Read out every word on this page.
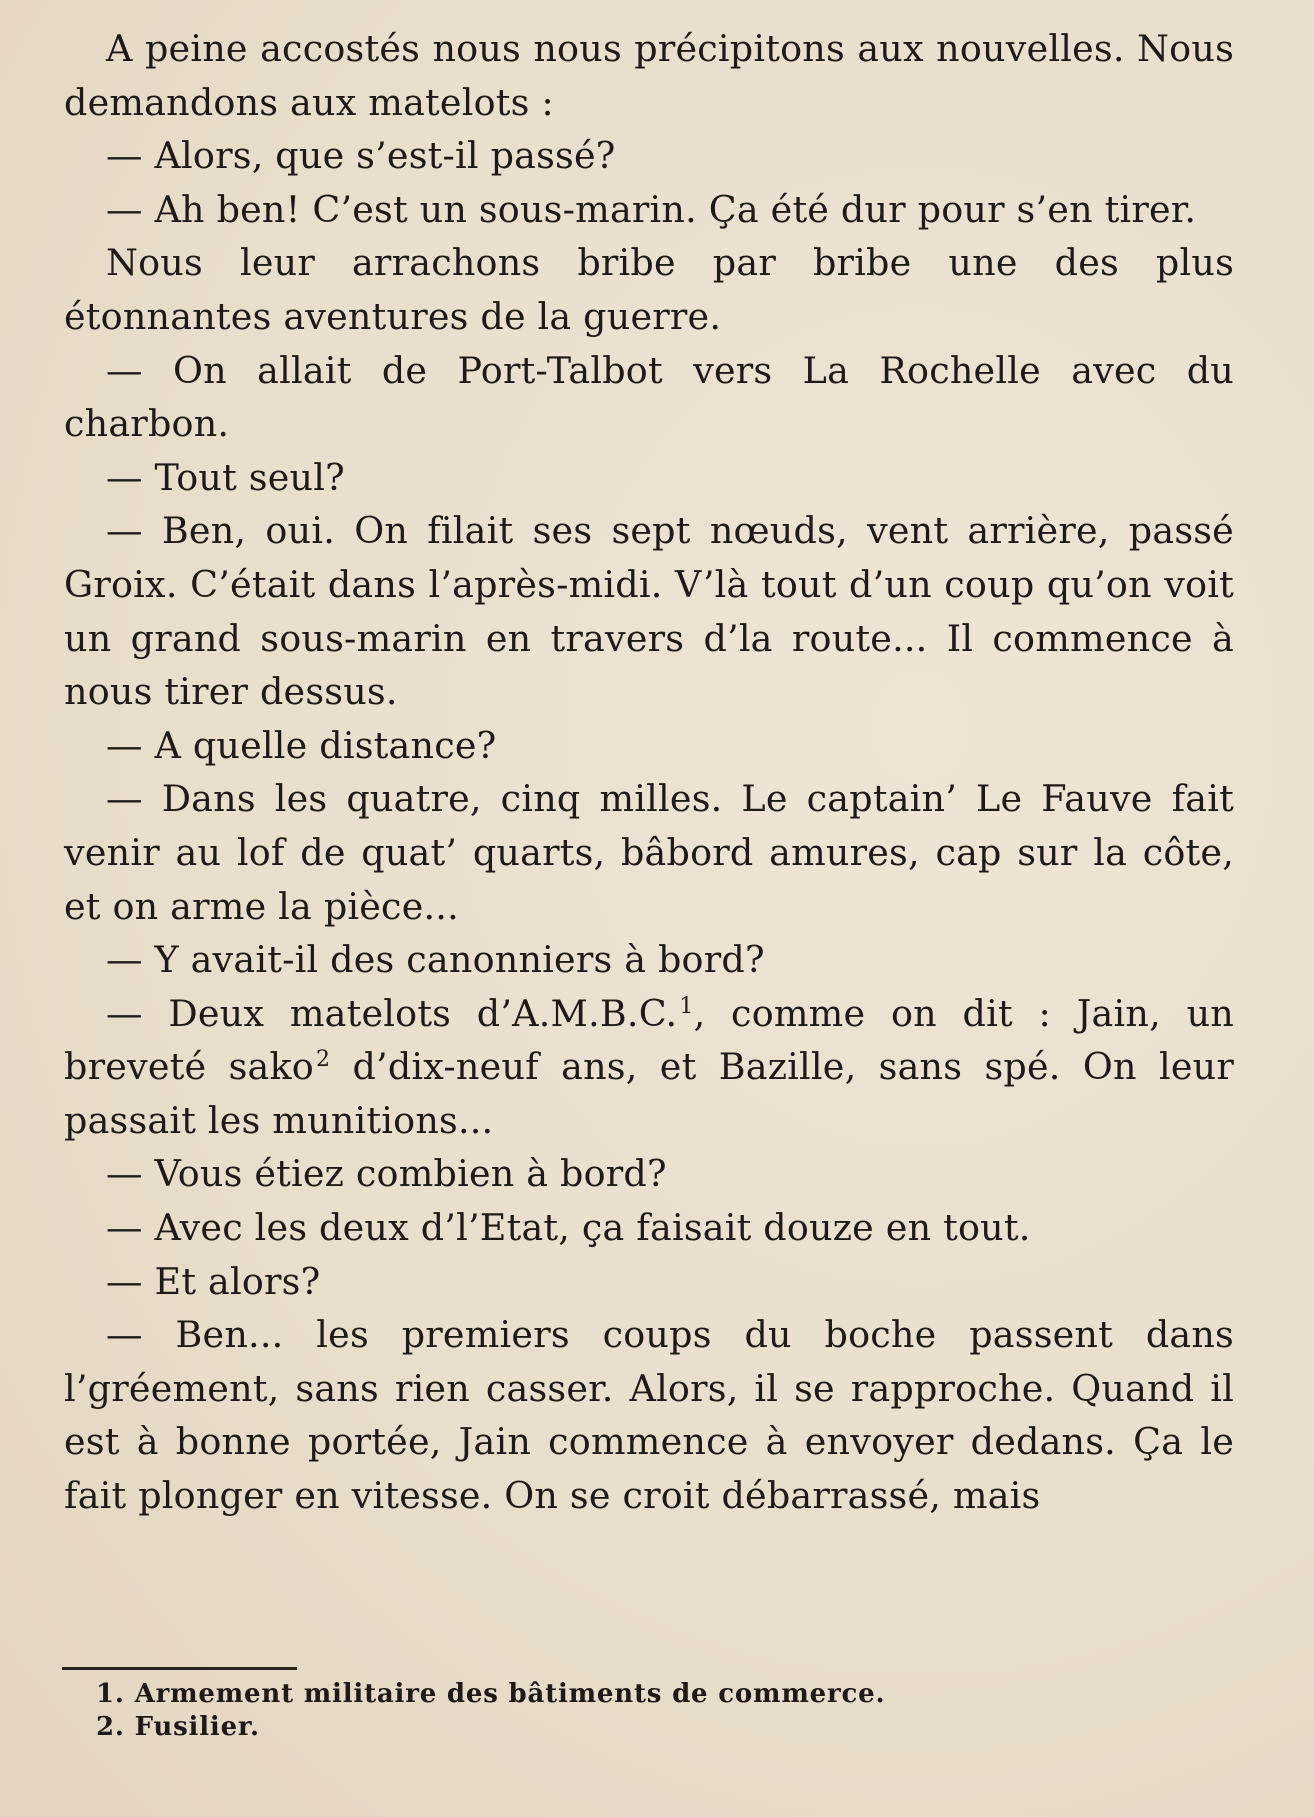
A peine accostés nous nous précipitons aux nouvelles. Nous demandons aux matelots :

— Alors, que s’est-il passé?

— Ah ben! C’est un sous-marin. Ça été dur pour s’en tirer.

Nous leur arrachons bribe par bribe une des plus étonnantes aventures de la guerre.

— On allait de Port-Talbot vers La Rochelle avec du charbon.

— Tout seul?

— Ben, oui. On filait ses sept nœuds, vent arrière, passé Groix. C’était dans l’après-midi. V’là tout d’un coup qu’on voit un grand sous-marin en travers d’la route... Il commence à nous tirer dessus.

— A quelle distance?

— Dans les quatre, cinq milles. Le captain’ Le Fauve fait venir au lof de quat’ quarts, bâbord amures, cap sur la côte, et on arme la pièce...

— Y avait-il des canonniers à bord?

— Deux matelots d’A.M.B.C.$^1$, comme on dit : Jain, un breveté sako$^2$ d’dix-neuf ans, et Bazille, sans spé. On leur passait les munitions...

— Vous étiez combien à bord?

— Avec les deux d’l’Etat, ça faisait douze en tout.

— Et alors?

— Ben... les premiers coups du boche passent dans l’gréement, sans rien casser. Alors, il se rapproche. Quand il est à bonne portée, Jain commence à envoyer dedans. Ça le fait plonger en vitesse. On se croit débarrassé, mais

1. Armement militaire des bâtiments de commerce.

2. Fusilier.
